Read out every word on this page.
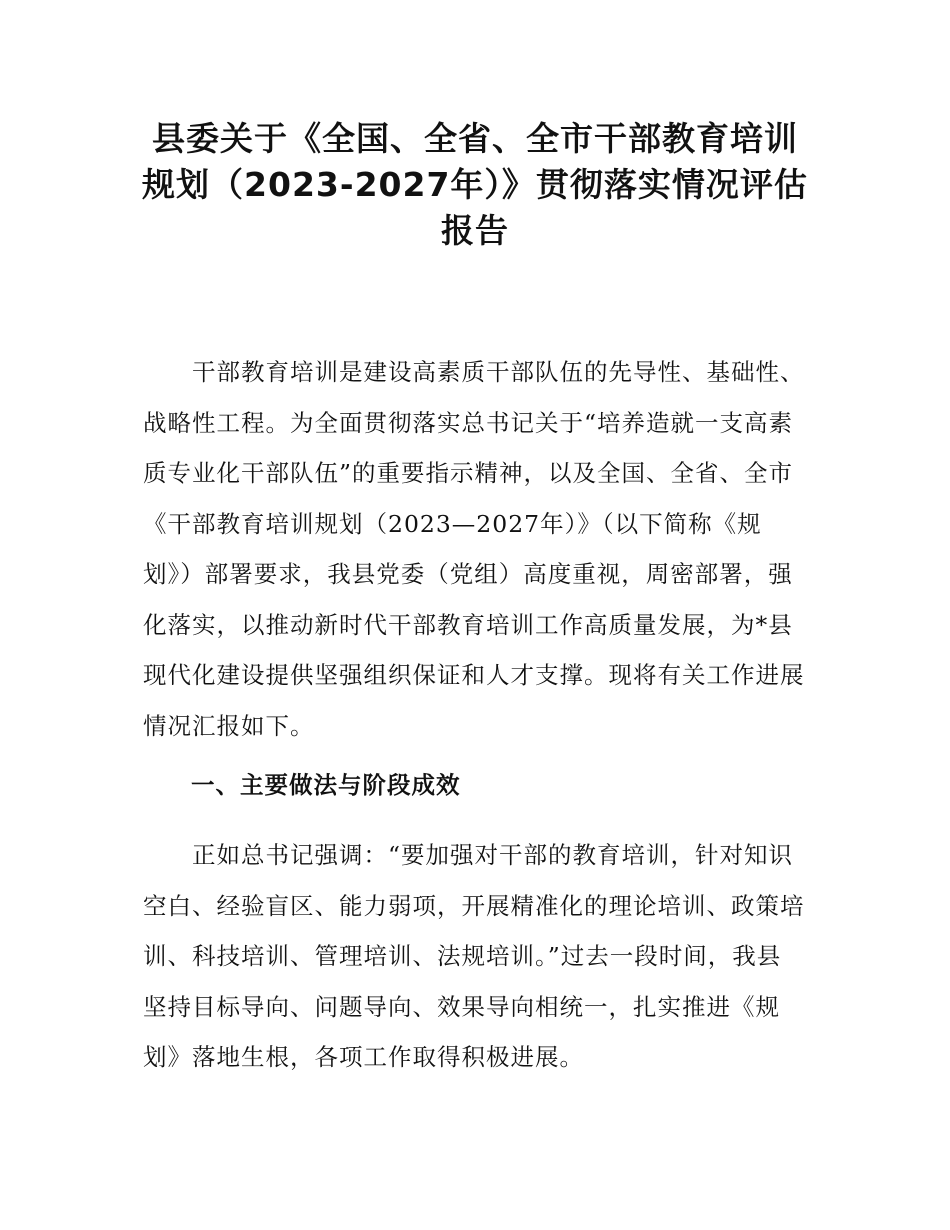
县委关于《全国、全省、全市干部教育培训
规划（2023-2027年）》贯彻落实情况评估
报告
　　干部教育培训是建设高素质干部队伍的先导性、基础性、
战略性工程。为全面贯彻落实总书记关于“培养造就一支高素
质专业化干部队伍”的重要指示精神，以及全国、全省、全市
《干部教育培训规划（2023—2027年）》（以下简称《规
划》）部署要求，我县党委（党组）高度重视，周密部署，强
化落实，以推动新时代干部教育培训工作高质量发展，为*县
现代化建设提供坚强组织保证和人才支撑。现将有关工作进展
情况汇报如下。
一、主要做法与阶段成效
　　正如总书记强调：“要加强对干部的教育培训，针对知识
空白、经验盲区、能力弱项，开展精准化的理论培训、政策培
训、科技培训、管理培训、法规培训。”过去一段时间，我县
坚持目标导向、问题导向、效果导向相统一，扎实推进《规
划》落地生根，各项工作取得积极进展。
